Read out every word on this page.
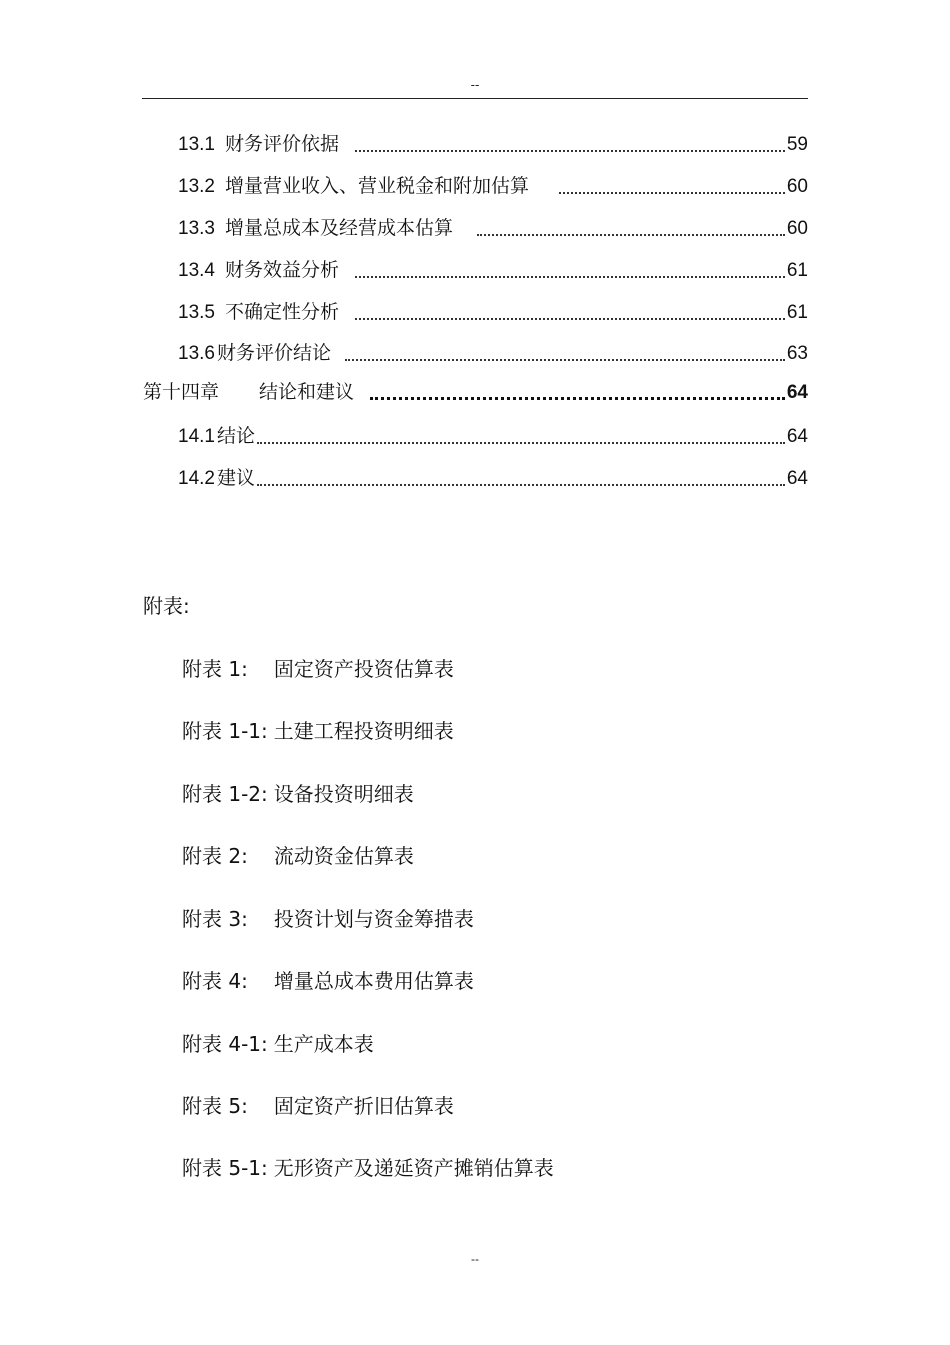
--
13.1 财务评价依据	59
13.2 增量营业收入、营业税金和附加估算	60
13.3 增量总成本及经营成本估算	60
13.4 财务效益分析	61
13.5 不确定性分析	61
13.6 财务评价结论	63
第十四章 结论和建议	64
14.1 结论	64
14.2 建议	64
附表:
附表 1: 固定资产投资估算表
附表 1-1: 土建工程投资明细表
附表 1-2: 设备投资明细表
附表 2: 流动资金估算表
附表 3: 投资计划与资金筹措表
附表 4: 增量总成本费用估算表
附表 4-1: 生产成本表
附表 5: 固定资产折旧估算表
附表 5-1: 无形资产及递延资产摊销估算表
--
